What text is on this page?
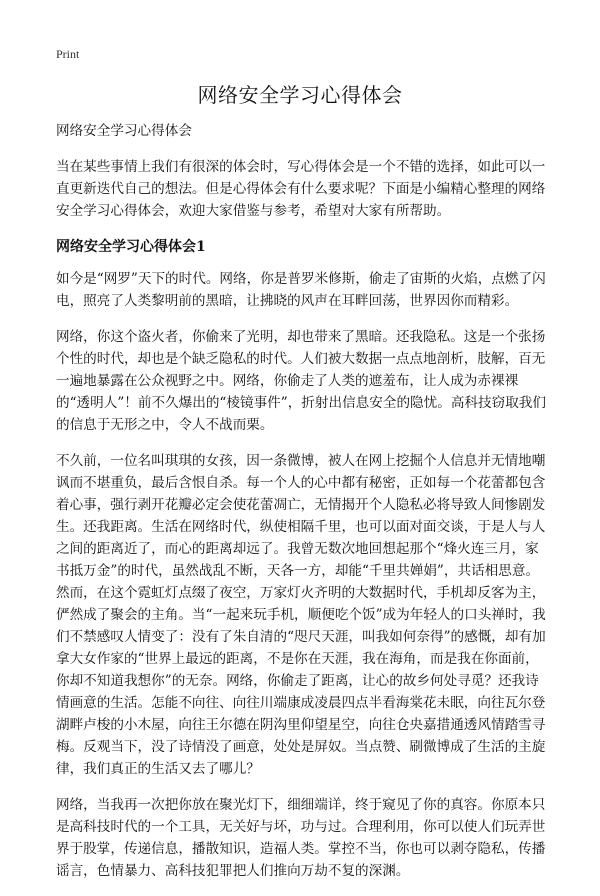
Print
网络安全学习心得体会

网络安全学习心得体会

当在某些事情上我们有很深的体会时，写心得体会是一个不错的选择，如此可以一直更新迭代自己的想法。但是心得体会有什么要求呢？下面是小编精心整理的网络安全学习心得体会，欢迎大家借鉴与参考，希望对大家有所帮助。

网络安全学习心得体会1

如今是“网罗”天下的时代。网络，你是普罗米修斯，偷走了宙斯的火焰，点燃了闪电，照亮了人类黎明前的黑暗，让拂晓的风声在耳畔回荡，世界因你而精彩。

网络，你这个盗火者，你偷来了光明，却也带来了黑暗。还我隐私。这是一个张扬个性的时代，却也是个缺乏隐私的时代。人们被大数据一点点地剖析，肢解，百无一遍地暴露在公众视野之中。网络，你偷走了人类的遮羞布，让人成为赤裸裸的“透明人”！前不久爆出的“棱镜事件”，折射出信息安全的隐忧。高科技窃取我们的信息于无形之中，令人不战而栗。

不久前，一位名叫琪琪的女孩，因一条微博，被人在网上挖掘个人信息并无情地嘲讽而不堪重负，最后含恨自杀。每一个人的心中都有秘密，正如每一个花蕾都包含着心事，强行剥开花瓣必定会使花蕾凋亡，无情揭开个人隐私必将导致人间惨剧发生。还我距离。生活在网络时代，纵使相隔千里，也可以面对面交谈，于是人与人之间的距离近了，而心的距离却远了。我曾无数次地回想起那个“烽火连三月，家书抵万金”的时代，虽然战乱不断，天各一方，却能“千里共婵娟”，共话相思意。然而，在这个霓虹灯点缀了夜空，万家灯火齐明的大数据时代，手机却反客为主，俨然成了聚会的主角。当“一起来玩手机，顺便吃个饭”成为年轻人的口头禅时，我们不禁感叹人情变了：没有了朱自清的“咫尺天涯，叫我如何奈得”的感慨，却有加拿大女作家的“世界上最远的距离，不是你在天涯，我在海角，而是我在你面前，你却不知道我想你”的无奈。网络，你偷走了距离，让心的故乡何处寻觅？还我诗情画意的生活。怎能不向往、向往川端康成凌晨四点半看海棠花未眠，向往瓦尔登湖畔卢梭的小木屋，向往王尔德在阴沟里仰望星空，向往仓央嘉措通透风情踏雪寻梅。反观当下，没了诗情没了画意，处处是屏奴。当点赞、刷微博成了生活的主旋律，我们真正的生活又去了哪儿？

网络，当我再一次把你放在聚光灯下，细细端详，终于窥见了你的真容。你原本只是高科技时代的一个工具，无关好与坏，功与过。合理利用，你可以使人们玩弄世界于股掌，传递信息，播散知识，造福人类。掌控不当，你也可以剥夺隐私，传播谣言，色情暴力、高科技犯罪把人们推向万劫不复的深渊。
